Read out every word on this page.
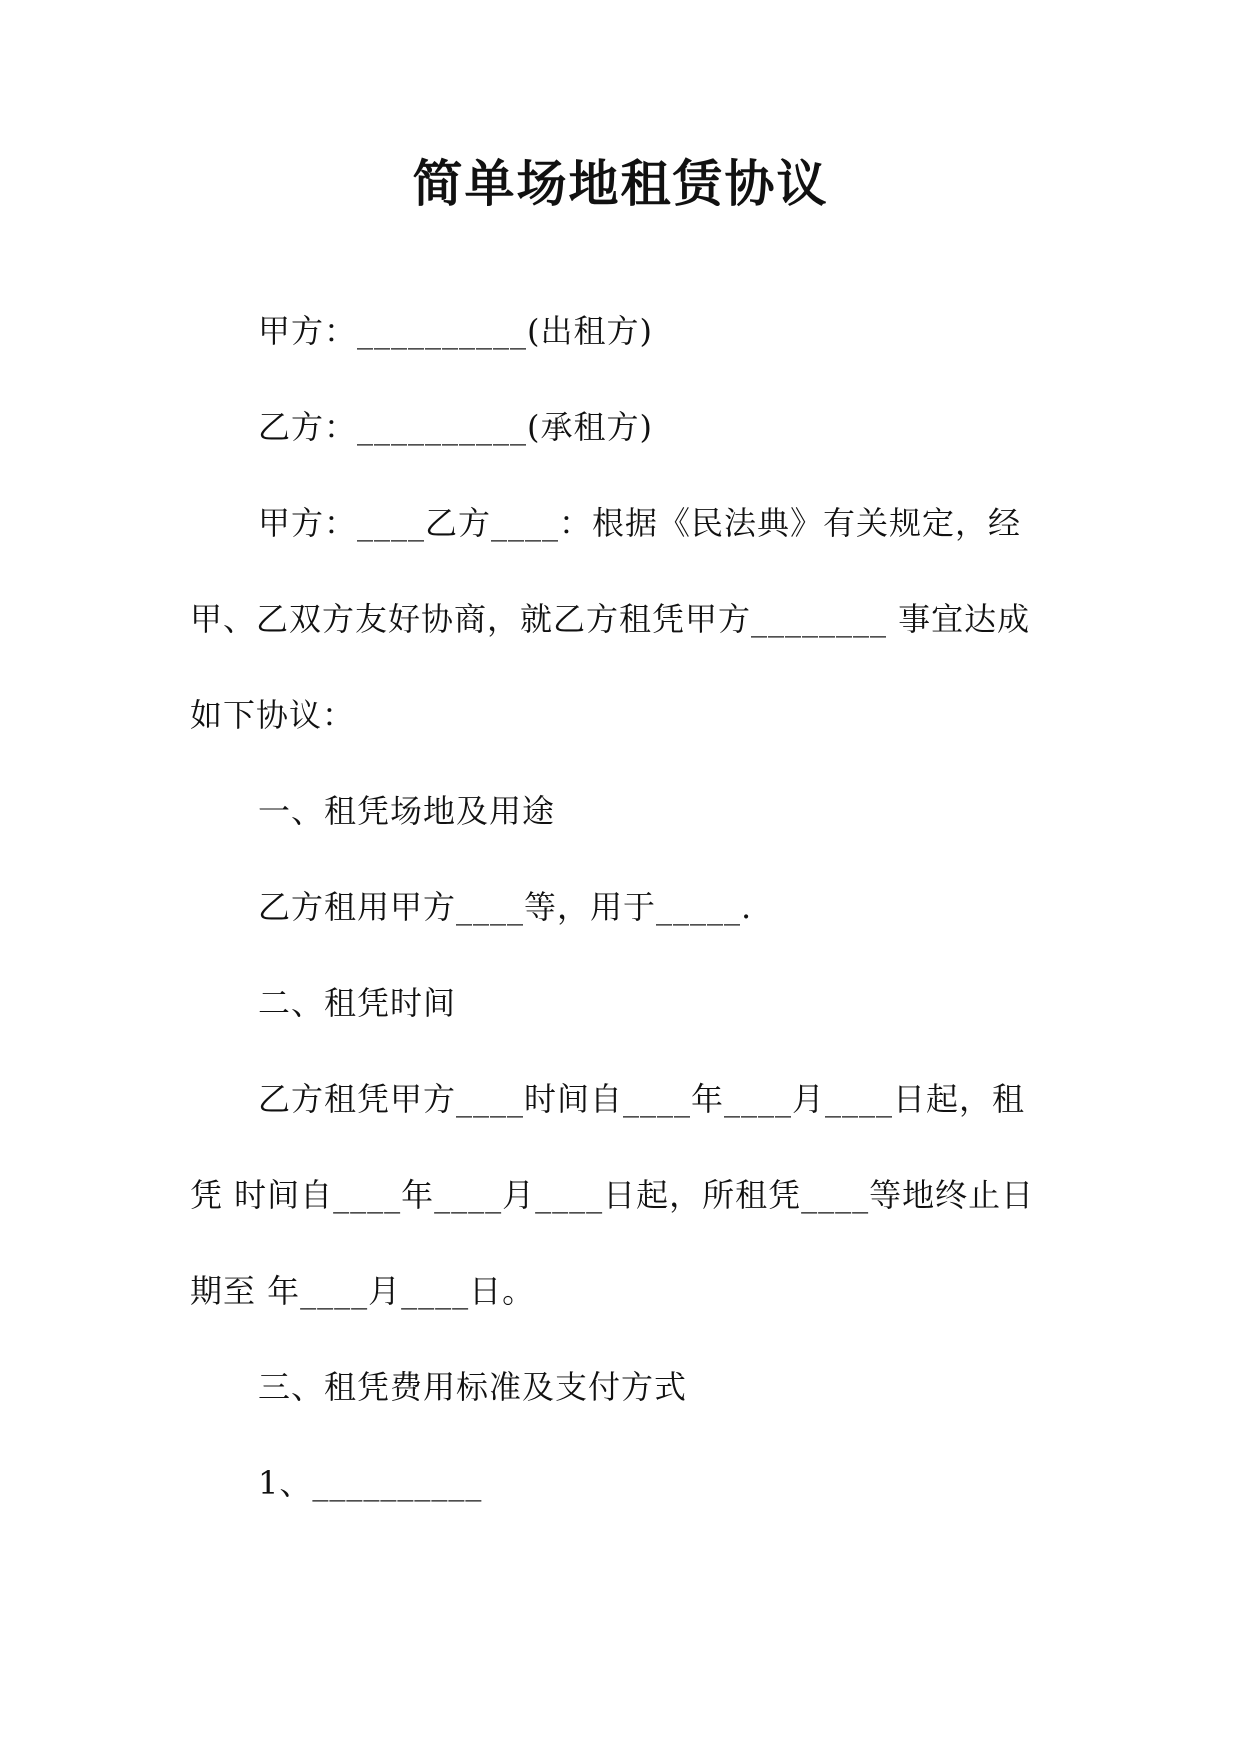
简单场地租赁协议
甲方：__________(出租方)
乙方：__________(承租方)
甲方：____乙方____：根据《民法典》有关规定，经
甲、乙双方友好协商，就乙方租凭甲方________ 事宜达成
如下协议：
一、租凭场地及用途
乙方租用甲方____等，用于_____.
二、租凭时间
乙方租凭甲方____时间自____年____月____日起，租
凭 时间自____年____月____日起，所租凭____等地终止日
期至 年____月____日。
三、租凭费用标准及支付方式
1、__________
